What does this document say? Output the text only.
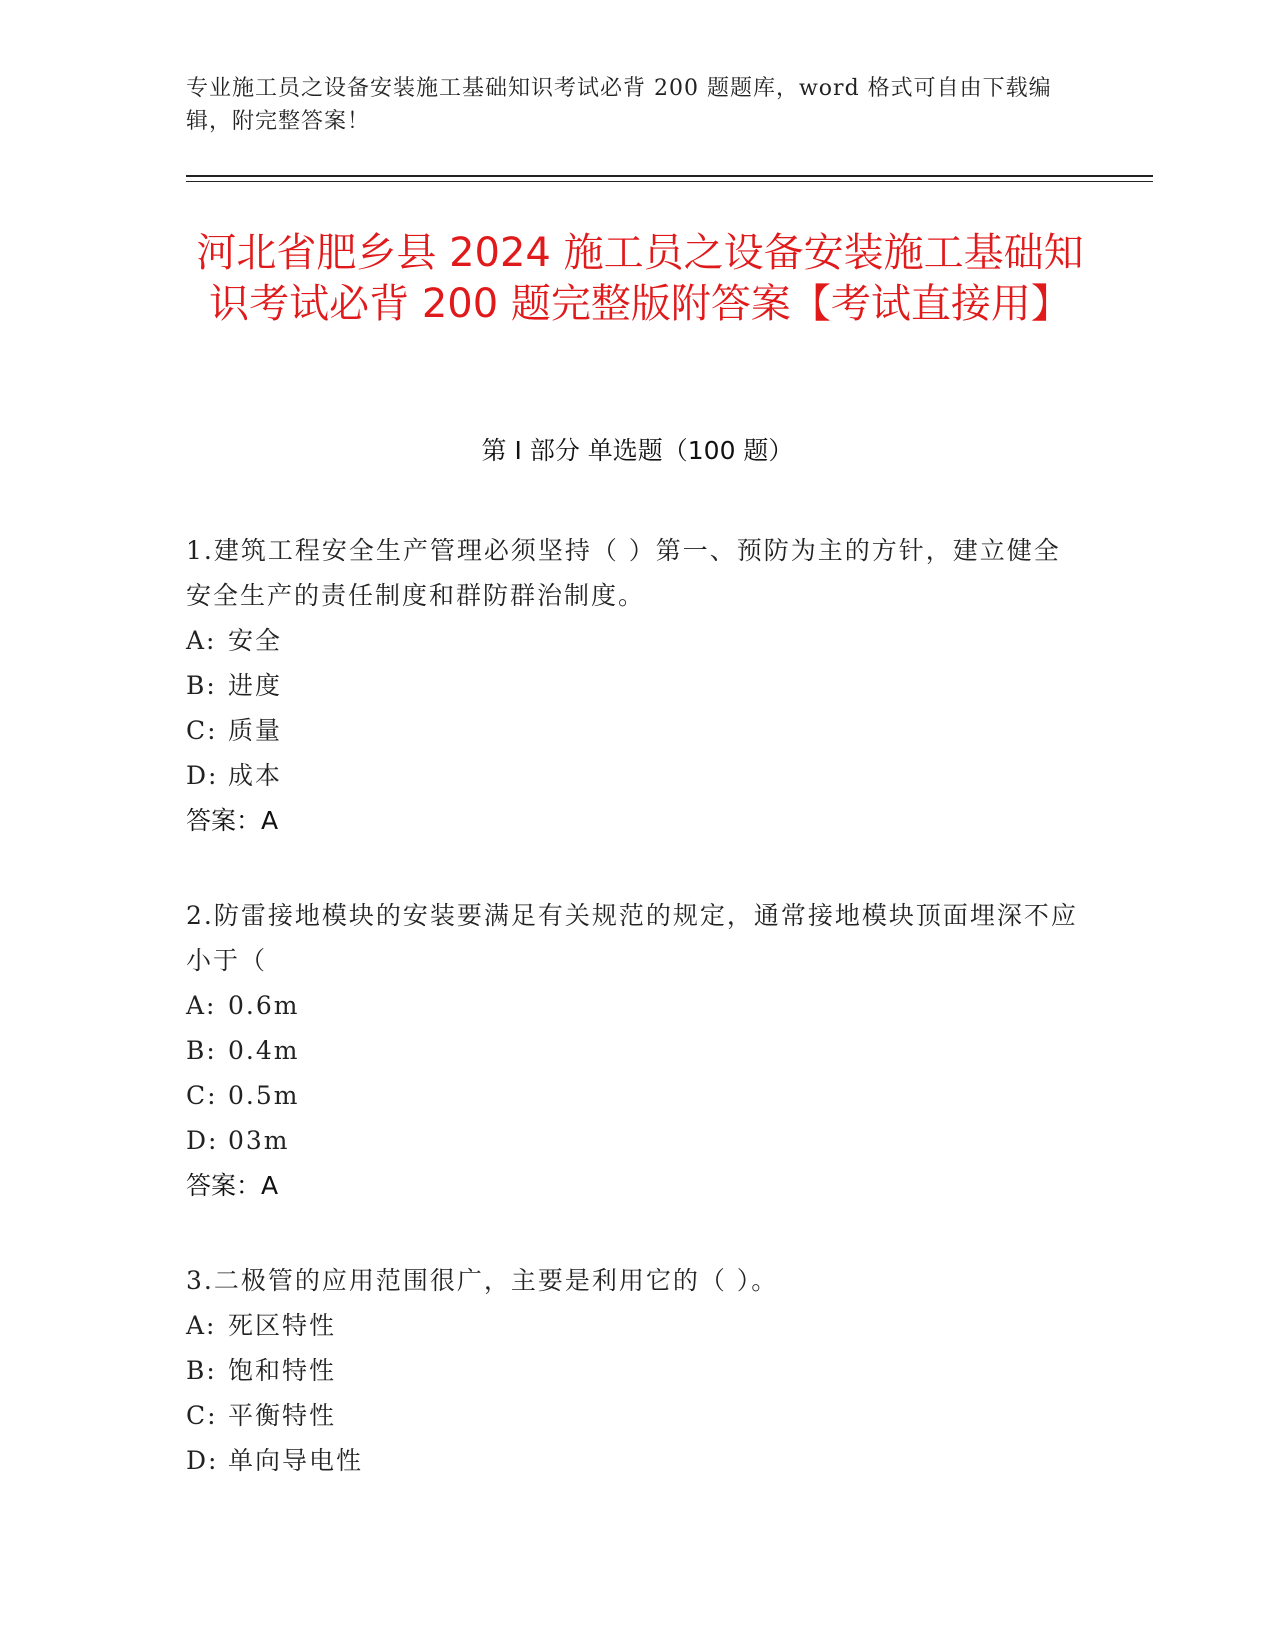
专业施工员之设备安装施工基础知识考试必背 200 题题库，word 格式可自由下载编辑，附完整答案！
河北省肥乡县 2024 施工员之设备安装施工基础知识考试必背 200 题完整版附答案【考试直接用】
第 I 部分 单选题（100 题）

1.建筑工程安全生产管理必须坚持（ ）第一、预防为主的方针，建立健全安全生产的责任制度和群防群治制度。

A: 安全

B: 进度

C: 质量

D: 成本

答案：A

2.防雷接地模块的安装要满足有关规范的规定，通常接地模块顶面埋深不应小于（

A: 0.6m

B: 0.4m

C: 0.5m

D: 03m

答案：A

3.二极管的应用范围很广，主要是利用它的（ ）。

A: 死区特性

B: 饱和特性

C: 平衡特性

D: 单向导电性
